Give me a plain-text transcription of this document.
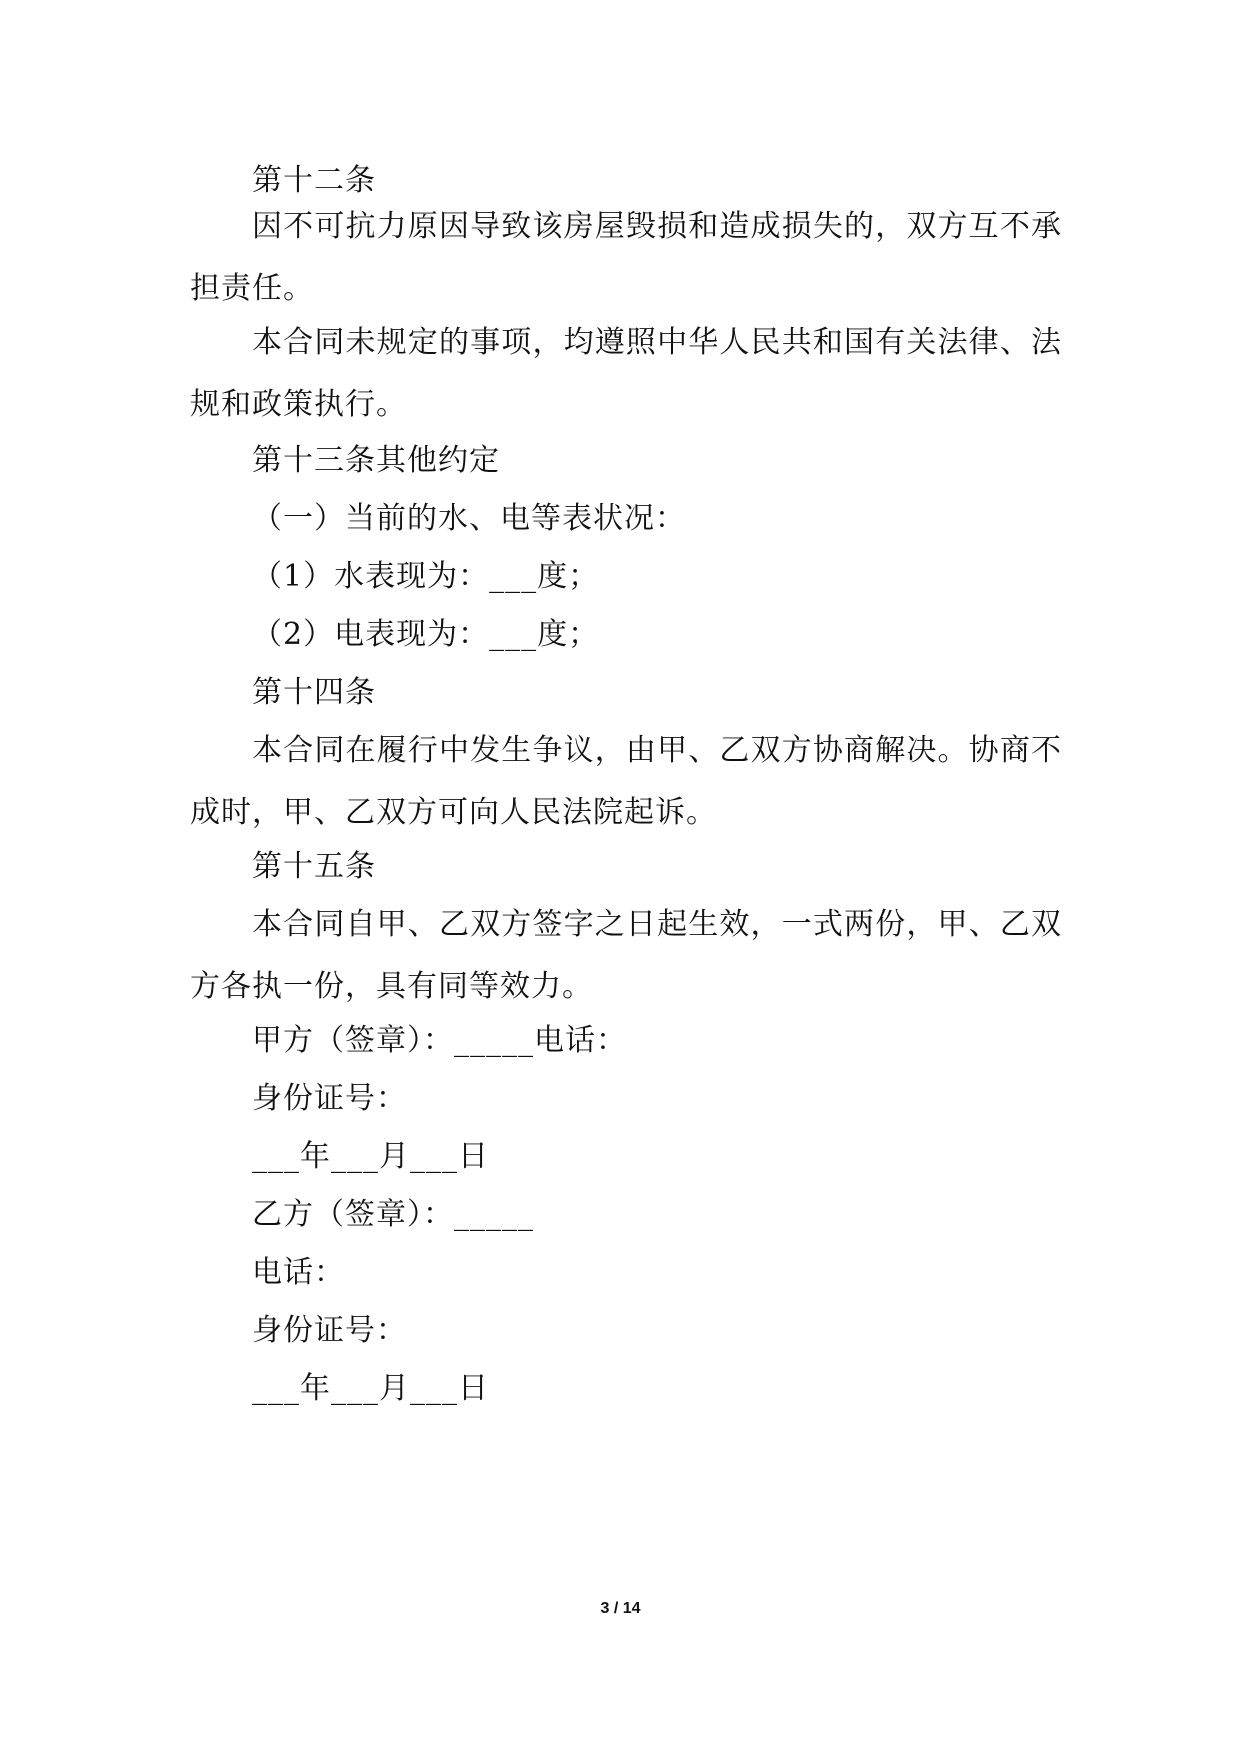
第十二条

因不可抗力原因导致该房屋毁损和造成损失的，双方互不承担责任。

本合同未规定的事项，均遵照中华人民共和国有关法律、法规和政策执行。

第十三条其他约定

（一）当前的水、电等表状况：

（1）水表现为：___度；

（2）电表现为：___度；

第十四条

本合同在履行中发生争议，由甲、乙双方协商解决。协商不成时，甲、乙双方可向人民法院起诉。

第十五条

本合同自甲、乙双方签字之日起生效，一式两份，甲、乙双方各执一份，具有同等效力。

甲方（签章）：_____电话：

身份证号：

___年___月___日

乙方（签章）：_____

电话：

身份证号：

___年___月___日

3 / 14
